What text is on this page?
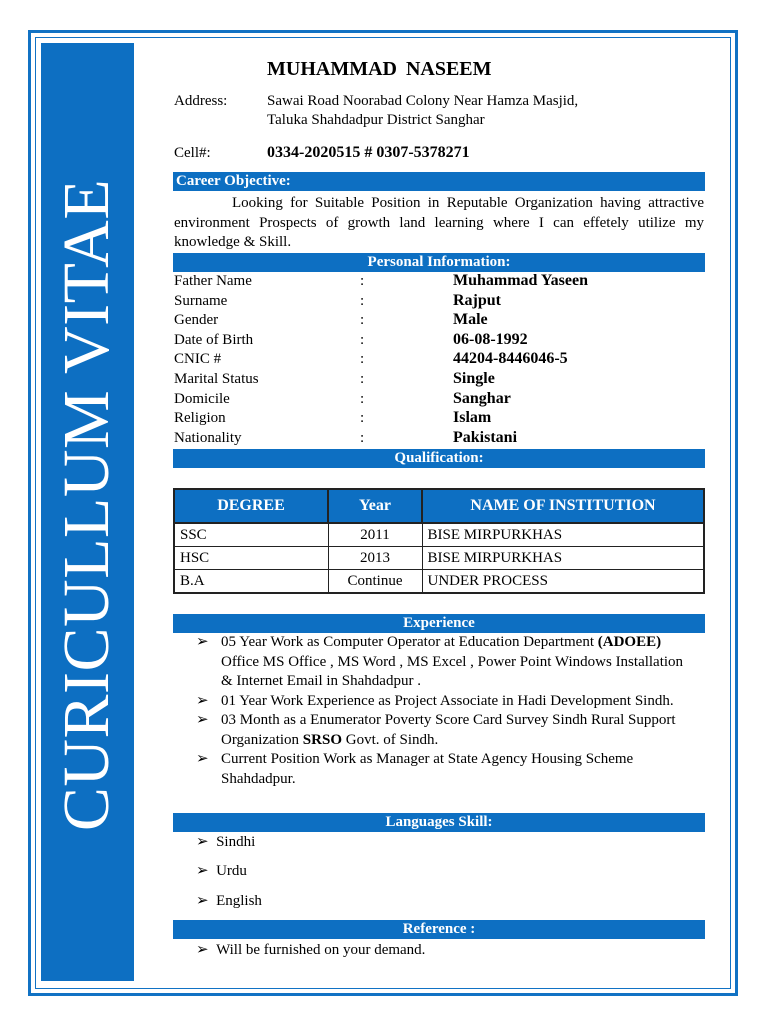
CURICULLUM VITAE
MUHAMMAD NASEEM
Address:	Sawai Road Noorabad Colony Near Hamza Masjid,
Taluka Shahdadpur District Sanghar
Cell#:	0334-2020515 # 0307-5378271
Career Objective:
Looking for Suitable Position in Reputable Organization having attractive environment Prospects of growth land learning where I can effetely utilize my knowledge & Skill.
Personal Information:
Father Name	:	Muhammad Yaseen
Surname	:	Rajput
Gender	:	Male
Date of Birth	:	06-08-1992
CNIC #	:	44204-8446046-5
Marital Status	:	Single
Domicile	:	Sanghar
Religion	:	Islam
Nationality	:	Pakistani
Qualification:
DEGREE	Year	NAME OF INSTITUTION
SSC	2011	BISE MIRPURKHAS
HSC	2013	BISE MIRPURKHAS
B.A	Continue	UNDER PROCESS
Experience
➢ 05 Year Work as Computer Operator at Education Department (ADOEE) Office MS Office , MS Word , MS Excel , Power Point Windows Installation & Internet Email in Shahdadpur .
➢ 01 Year Work Experience as Project Associate in Hadi Development Sindh.
➢ 03 Month as a Enumerator Poverty Score Card Survey Sindh Rural Support Organization SRSO Govt. of Sindh.
➢ Current Position Work as Manager at State Agency Housing Scheme Shahdadpur.
Languages Skill:
➢ Sindhi
➢ Urdu
➢ English
Reference :
➢ Will be furnished on your demand.
